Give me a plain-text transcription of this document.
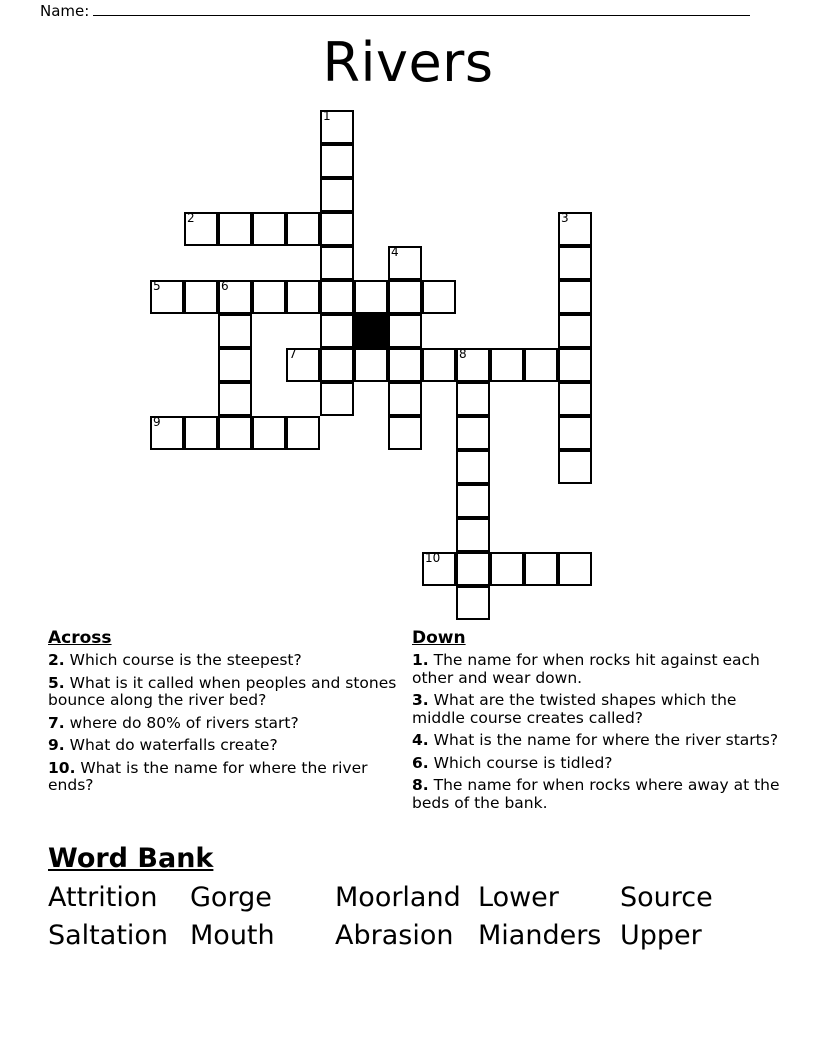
Name:
Rivers
1
2	3
4
5	6
7	8
9
10
Across
2. Which course is the steepest?
5. What is it called when peoples and stones bounce along the river bed?
7. where do 80% of rivers start?
9. What do waterfalls create?
10. What is the name for where the river ends?
Down
1. The name for when rocks hit against each other and wear down.
3. What are the twisted shapes which the middle course creates called?
4. What is the name for where the river starts?
6. Which course is tidled?
8. The name for when rocks where away at the beds of the bank.
Word Bank
Attrition Gorge Moorland Lower Source
Saltation Mouth Abrasion Mianders Upper
